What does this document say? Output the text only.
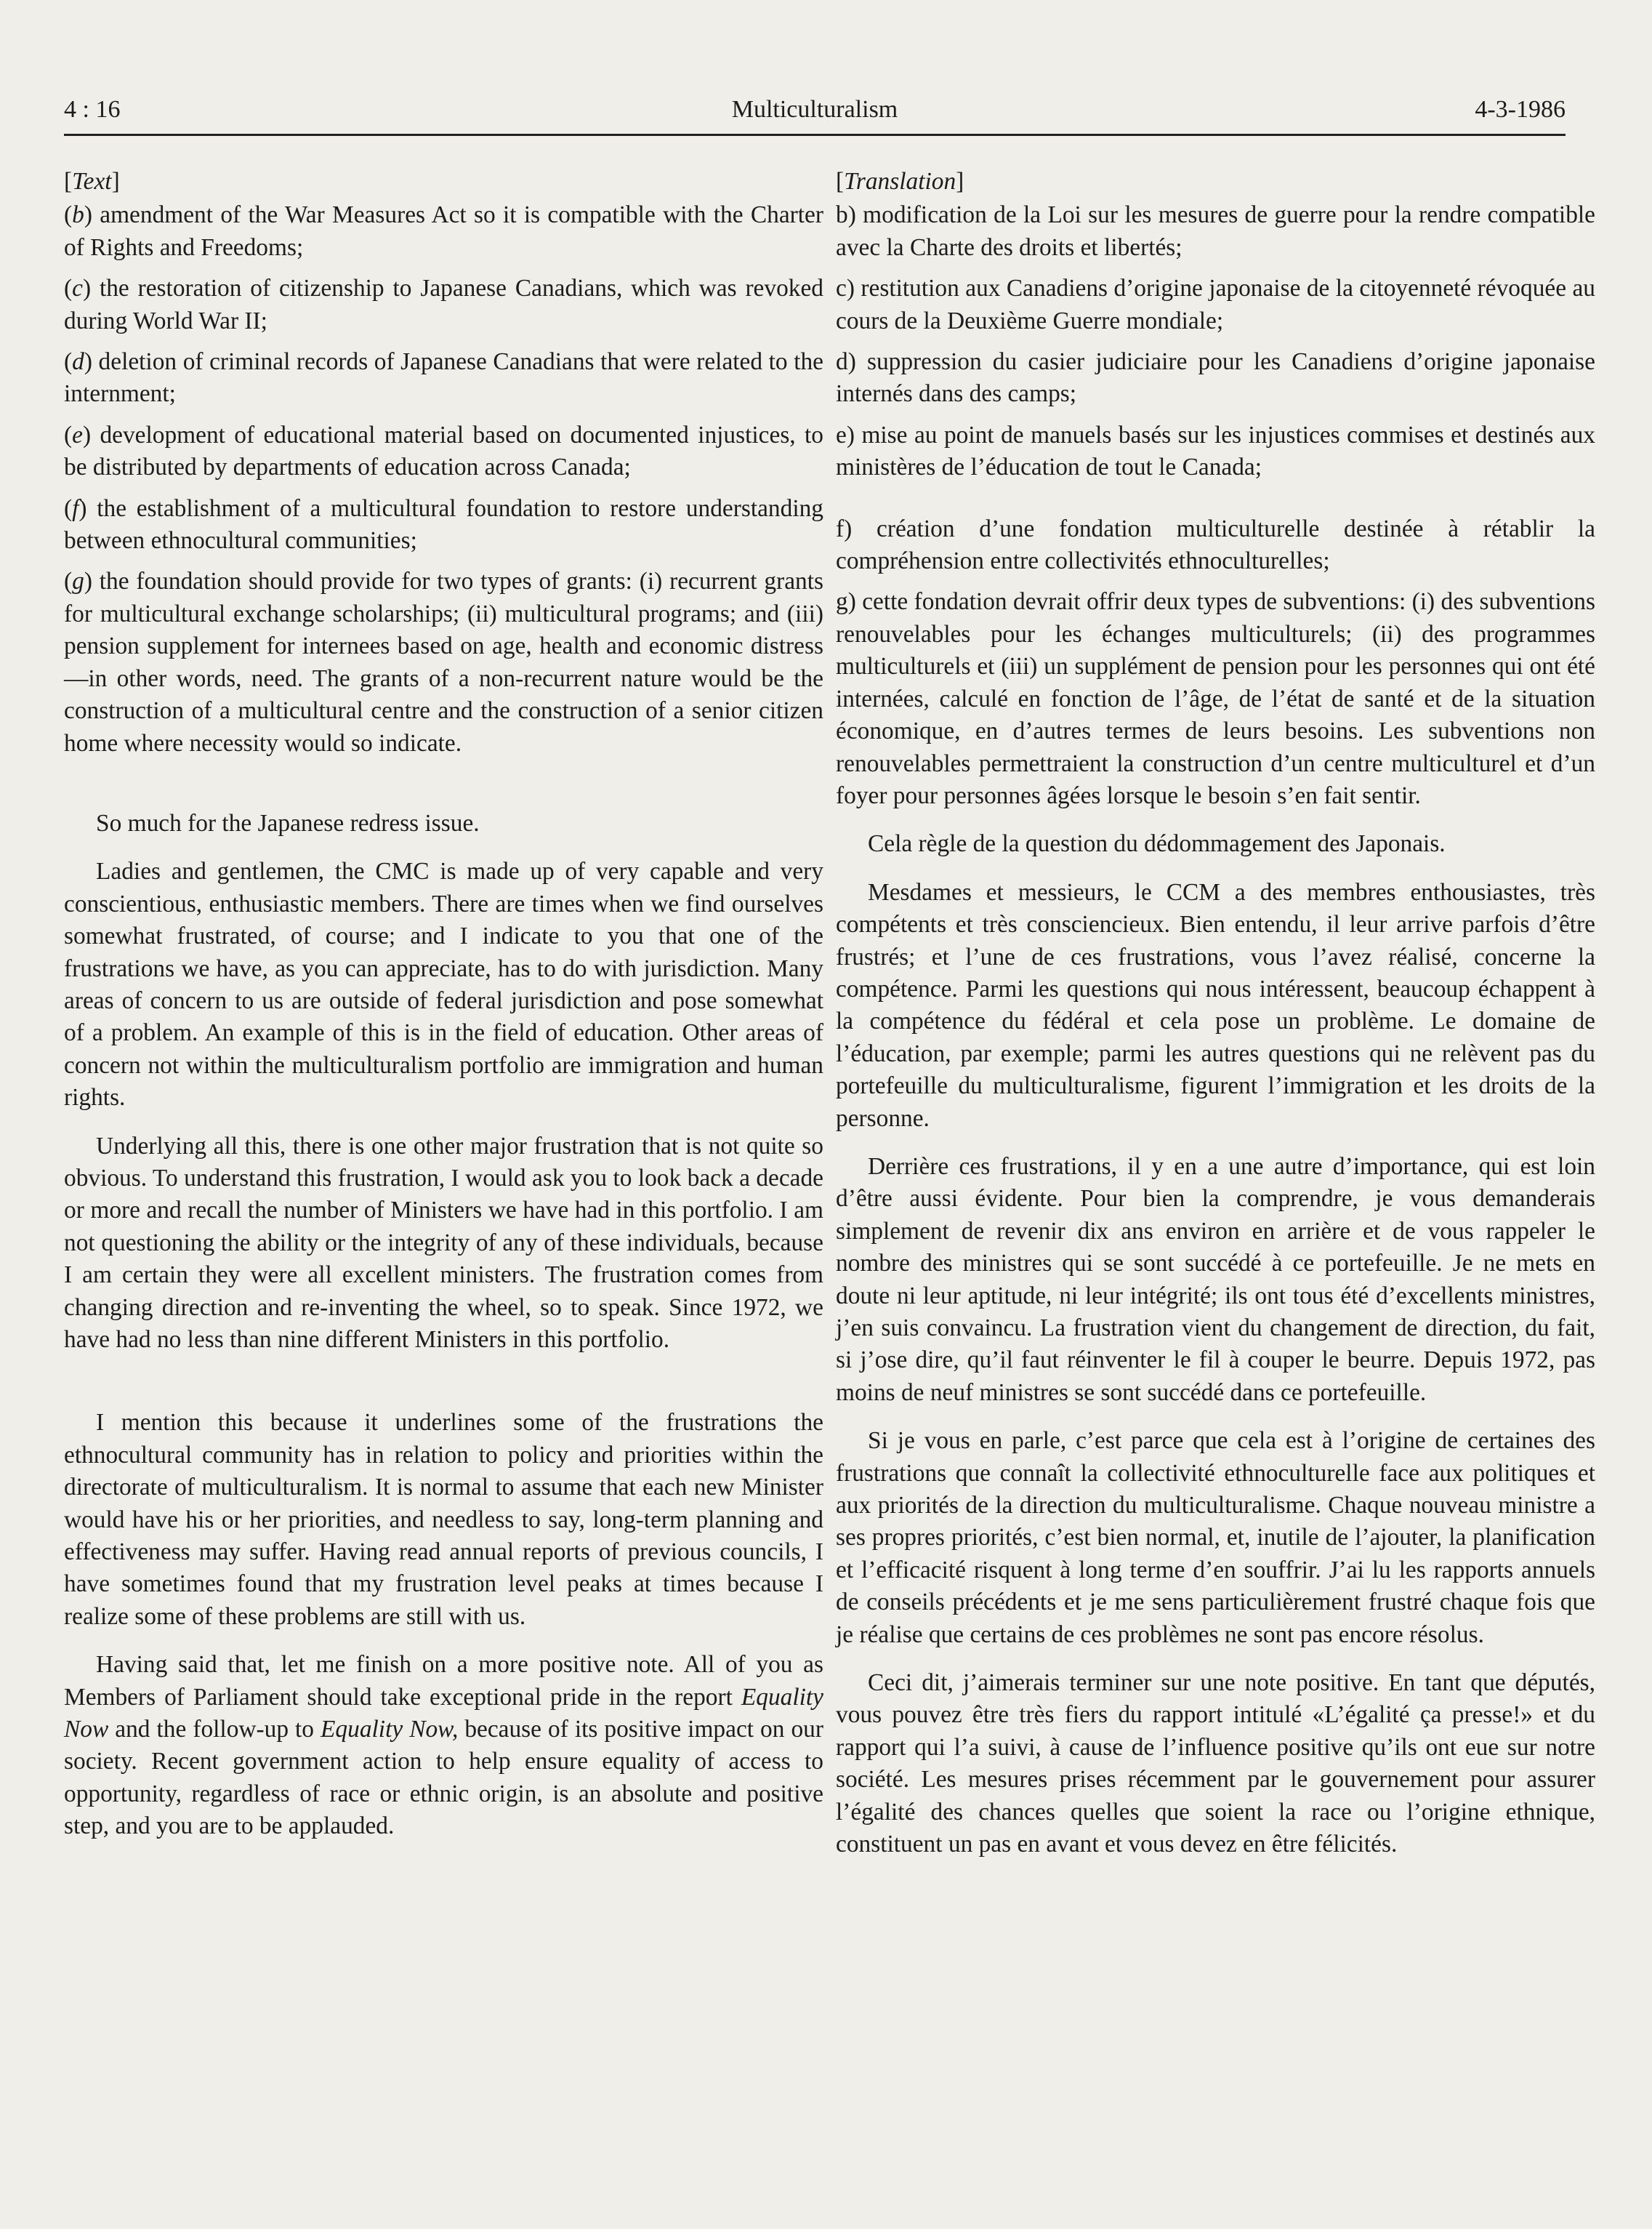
4 : 16	Multiculturalism	4-3-1986

[Text]

(b) amendment of the War Measures Act so it is compatible with the Charter of Rights and Freedoms;

(c) the restoration of citizenship to Japanese Canadians, which was revoked during World War II;

(d) deletion of criminal records of Japanese Canadians that were related to the internment;

(e) development of educational material based on documented injustices, to be distributed by departments of education across Canada;

(f) the establishment of a multicultural foundation to restore understanding between ethnocultural communities;

(g) the foundation should provide for two types of grants: (i) recurrent grants for multicultural exchange scholarships; (ii) multicultural programs; and (iii) pension supplement for internees based on age, health and economic distress—in other words, need. The grants of a non-recurrent nature would be the construction of a multicultural centre and the construction of a senior citizen home where necessity would so indicate.

So much for the Japanese redress issue.

Ladies and gentlemen, the CMC is made up of very capable and very conscientious, enthusiastic members. There are times when we find ourselves somewhat frustrated, of course; and I indicate to you that one of the frustrations we have, as you can appreciate, has to do with jurisdiction. Many areas of concern to us are outside of federal jurisdiction and pose somewhat of a problem. An example of this is in the field of education. Other areas of concern not within the multiculturalism portfolio are immigration and human rights.

Underlying all this, there is one other major frustration that is not quite so obvious. To understand this frustration, I would ask you to look back a decade or more and recall the number of Ministers we have had in this portfolio. I am not questioning the ability or the integrity of any of these individuals, because I am certain they were all excellent ministers. The frustration comes from changing direction and re-inventing the wheel, so to speak. Since 1972, we have had no less than nine different Ministers in this portfolio.

I mention this because it underlines some of the frustrations the ethnocultural community has in relation to policy and priorities within the directorate of multiculturalism. It is normal to assume that each new Minister would have his or her priorities, and needless to say, long-term planning and effectiveness may suffer. Having read annual reports of previous councils, I have sometimes found that my frustration level peaks at times because I realize some of these problems are still with us.

Having said that, let me finish on a more positive note. All of you as Members of Parliament should take exceptional pride in the report Equality Now and the follow-up to Equality Now, because of its positive impact on our society. Recent government action to help ensure equality of access to opportunity, regardless of race or ethnic origin, is an absolute and positive step, and you are to be applauded.

[Translation]

b) modification de la Loi sur les mesures de guerre pour la rendre compatible avec la Charte des droits et libertés;

c) restitution aux Canadiens d’origine japonaise de la citoyenneté révoquée au cours de la Deuxième Guerre mondiale;

d) suppression du casier judiciaire pour les Canadiens d’origine japonaise internés dans des camps;

e) mise au point de manuels basés sur les injustices commises et destinés aux ministères de l’éducation de tout le Canada;

f) création d’une fondation multiculturelle destinée à rétablir la compréhension entre collectivités ethnoculturelles;

g) cette fondation devrait offrir deux types de subventions: (i) des subventions renouvelables pour les échanges multiculturels; (ii) des programmes multiculturels et (iii) un supplément de pension pour les personnes qui ont été internées, calculé en fonction de l’âge, de l’état de santé et de la situation économique, en d’autres termes de leurs besoins. Les subventions non renouvelables permettraient la construction d’un centre multiculturel et d’un foyer pour personnes âgées lorsque le besoin s’en fait sentir.

Cela règle de la question du dédommagement des Japonais.

Mesdames et messieurs, le CCM a des membres enthousiastes, très compétents et très consciencieux. Bien entendu, il leur arrive parfois d’être frustrés; et l’une de ces frustrations, vous l’avez réalisé, concerne la compétence. Parmi les questions qui nous intéressent, beaucoup échappent à la compétence du fédéral et cela pose un problème. Le domaine de l’éducation, par exemple; parmi les autres questions qui ne relèvent pas du portefeuille du multiculturalisme, figurent l’immigration et les droits de la personne.

Derrière ces frustrations, il y en a une autre d’importance, qui est loin d’être aussi évidente. Pour bien la comprendre, je vous demanderais simplement de revenir dix ans environ en arrière et de vous rappeler le nombre des ministres qui se sont succédé à ce portefeuille. Je ne mets en doute ni leur aptitude, ni leur intégrité; ils ont tous été d’excellents ministres, j’en suis convaincu. La frustration vient du changement de direction, du fait, si j’ose dire, qu’il faut réinventer le fil à couper le beurre. Depuis 1972, pas moins de neuf ministres se sont succédé dans ce portefeuille.

Si je vous en parle, c’est parce que cela est à l’origine de certaines des frustrations que connaît la collectivité ethnoculturelle face aux politiques et aux priorités de la direction du multiculturalisme. Chaque nouveau ministre a ses propres priorités, c’est bien normal, et, inutile de l’ajouter, la planification et l’efficacité risquent à long terme d’en souffrir. J’ai lu les rapports annuels de conseils précédents et je me sens particulièrement frustré chaque fois que je réalise que certains de ces problèmes ne sont pas encore résolus.

Ceci dit, j’aimerais terminer sur une note positive. En tant que députés, vous pouvez être très fiers du rapport intitulé «L’égalité ça presse!» et du rapport qui l’a suivi, à cause de l’influence positive qu’ils ont eue sur notre société. Les mesures prises récemment par le gouvernement pour assurer l’égalité des chances quelles que soient la race ou l’origine ethnique, constituent un pas en avant et vous devez en être félicités.
